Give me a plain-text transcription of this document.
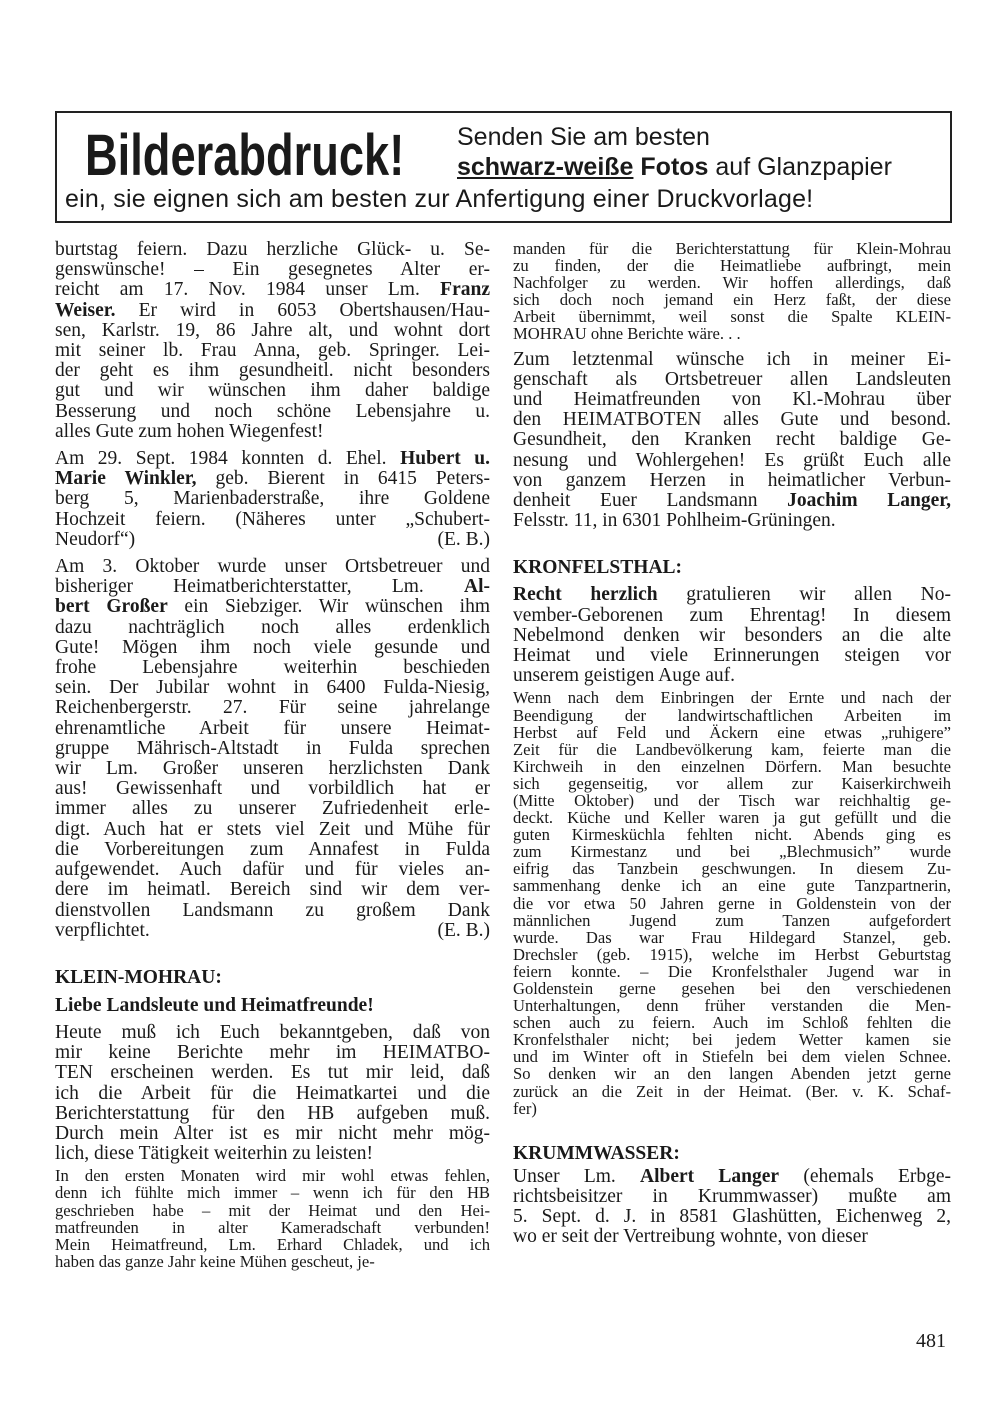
Bilderabdruck! Senden Sie am besten
schwarz-weiße Fotos auf Glanzpapier
ein, sie eignen sich am besten zur Anfertigung einer Druckvorlage!
burtstag feiern. Dazu herzliche Glück- u. Se-
genswünsche! – Ein gesegnetes Alter er-
reicht am 17. Nov. 1984 unser Lm. Franz
Weiser. Er wird in 6053 Obertshausen/Hau-
sen, Karlstr. 19, 86 Jahre alt, und wohnt dort
mit seiner lb. Frau Anna, geb. Springer. Lei-
der geht es ihm gesundheitl. nicht besonders
gut und wir wünschen ihm daher baldige
Besserung und noch schöne Lebensjahre u.
alles Gute zum hohen Wiegenfest!
Am 29. Sept. 1984 konnten d. Ehel. Hubert u.
Marie Winkler, geb. Bierent in 6415 Peters-
berg 5, Marienbaderstraße, ihre Goldene
Hochzeit feiern. (Näheres unter „Schubert-
Neudorf“)	(E. B.)
Am 3. Oktober wurde unser Ortsbetreuer und
bisheriger Heimatberichterstatter, Lm. Al-
bert Großer ein Siebziger. Wir wünschen ihm
dazu nachträglich noch alles erdenklich
Gute! Mögen ihm noch viele gesunde und
frohe Lebensjahre weiterhin beschieden
sein. Der Jubilar wohnt in 6400 Fulda-Niesig,
Reichenbergerstr. 27. Für seine jahrelange
ehrenamtliche Arbeit für unsere Heimat-
gruppe Mährisch-Altstadt in Fulda sprechen
wir Lm. Großer unseren herzlichsten Dank
aus! Gewissenhaft und vorbildlich hat er
immer alles zu unserer Zufriedenheit erle-
digt. Auch hat er stets viel Zeit und Mühe für
die Vorbereitungen zum Annafest in Fulda
aufgewendet. Auch dafür und für vieles an-
dere im heimatl. Bereich sind wir dem ver-
dienstvollen Landsmann zu großem Dank
verpflichtet.	(E. B.)
KLEIN-MOHRAU:
Liebe Landsleute und Heimatfreunde!
Heute muß ich Euch bekanntgeben, daß von
mir keine Berichte mehr im HEIMATBO-
TEN erscheinen werden. Es tut mir leid, daß
ich die Arbeit für die Heimatkartei und die
Berichterstattung für den HB aufgeben muß.
Durch mein Alter ist es mir nicht mehr mög-
lich, diese Tätigkeit weiterhin zu leisten!
In den ersten Monaten wird mir wohl etwas fehlen,
denn ich fühlte mich immer – wenn ich für den HB
geschrieben habe – mit der Heimat und den Hei-
matfreunden in alter Kameradschaft verbunden!
Mein Heimatfreund, Lm. Erhard Chladek, und ich
haben das ganze Jahr keine Mühen gescheut, je-
manden für die Berichterstattung für Klein-Mohrau
zu finden, der die Heimatliebe aufbringt, mein
Nachfolger zu werden. Wir hoffen allerdings, daß
sich doch noch jemand ein Herz faßt, der diese
Arbeit übernimmt, weil sonst die Spalte KLEIN-
MOHRAU ohne Berichte wäre. . .
Zum letztenmal wünsche ich in meiner Ei-
genschaft als Ortsbetreuer allen Landsleuten
und Heimatfreunden von Kl.-Mohrau über
den HEIMATBOTEN alles Gute und besond.
Gesundheit, den Kranken recht baldige Ge-
nesung und Wohlergehen! Es grüßt Euch alle
von ganzem Herzen in heimatlicher Verbun-
denheit Euer Landsmann Joachim Langer,
Felsstr. 11, in 6301 Pohlheim-Grüningen.
KRONFELSTHAL:
Recht herzlich gratulieren wir allen No-
vember-Geborenen zum Ehrentag! In diesem
Nebelmond denken wir besonders an die alte
Heimat und viele Erinnerungen steigen vor
unserem geistigen Auge auf.
Wenn nach dem Einbringen der Ernte und nach der
Beendigung der landwirtschaftlichen Arbeiten im
Herbst auf Feld und Äckern eine etwas „ruhigere”
Zeit für die Landbevölkerung kam, feierte man die
Kirchweih in den einzelnen Dörfern. Man besuchte
sich gegenseitig, vor allem zur Kaiserkirchweih
(Mitte Oktober) und der Tisch war reichhaltig ge-
deckt. Küche und Keller waren ja gut gefüllt und die
guten Kirmesküchla fehlten nicht. Abends ging es
zum Kirmestanz und bei „Blechmusich” wurde
eifrig das Tanzbein geschwungen. In diesem Zu-
sammenhang denke ich an eine gute Tanzpartnerin,
die vor etwa 50 Jahren gerne in Goldenstein von der
männlichen Jugend zum Tanzen aufgefordert
wurde. Das war Frau Hildegard Stanzel, geb.
Drechsler (geb. 1915), welche im Herbst Geburtstag
feiern konnte. – Die Kronfelsthaler Jugend war in
Goldenstein gerne gesehen bei den verschiedenen
Unterhaltungen, denn früher verstanden die Men-
schen auch zu feiern. Auch im Schloß fehlten die
Kronfelsthaler nicht; bei jedem Wetter kamen sie
und im Winter oft in Stiefeln bei dem vielen Schnee.
So denken wir an den langen Abenden jetzt gerne
zurück an die Zeit in der Heimat. (Ber. v. K. Schaf-
fer)
KRUMMWASSER:
Unser Lm. Albert Langer (ehemals Erbge-
richtsbeisitzer in Krummwasser) mußte am
5. Sept. d. J. in 8581 Glashütten, Eichenweg 2,
wo er seit der Vertreibung wohnte, von dieser
481
